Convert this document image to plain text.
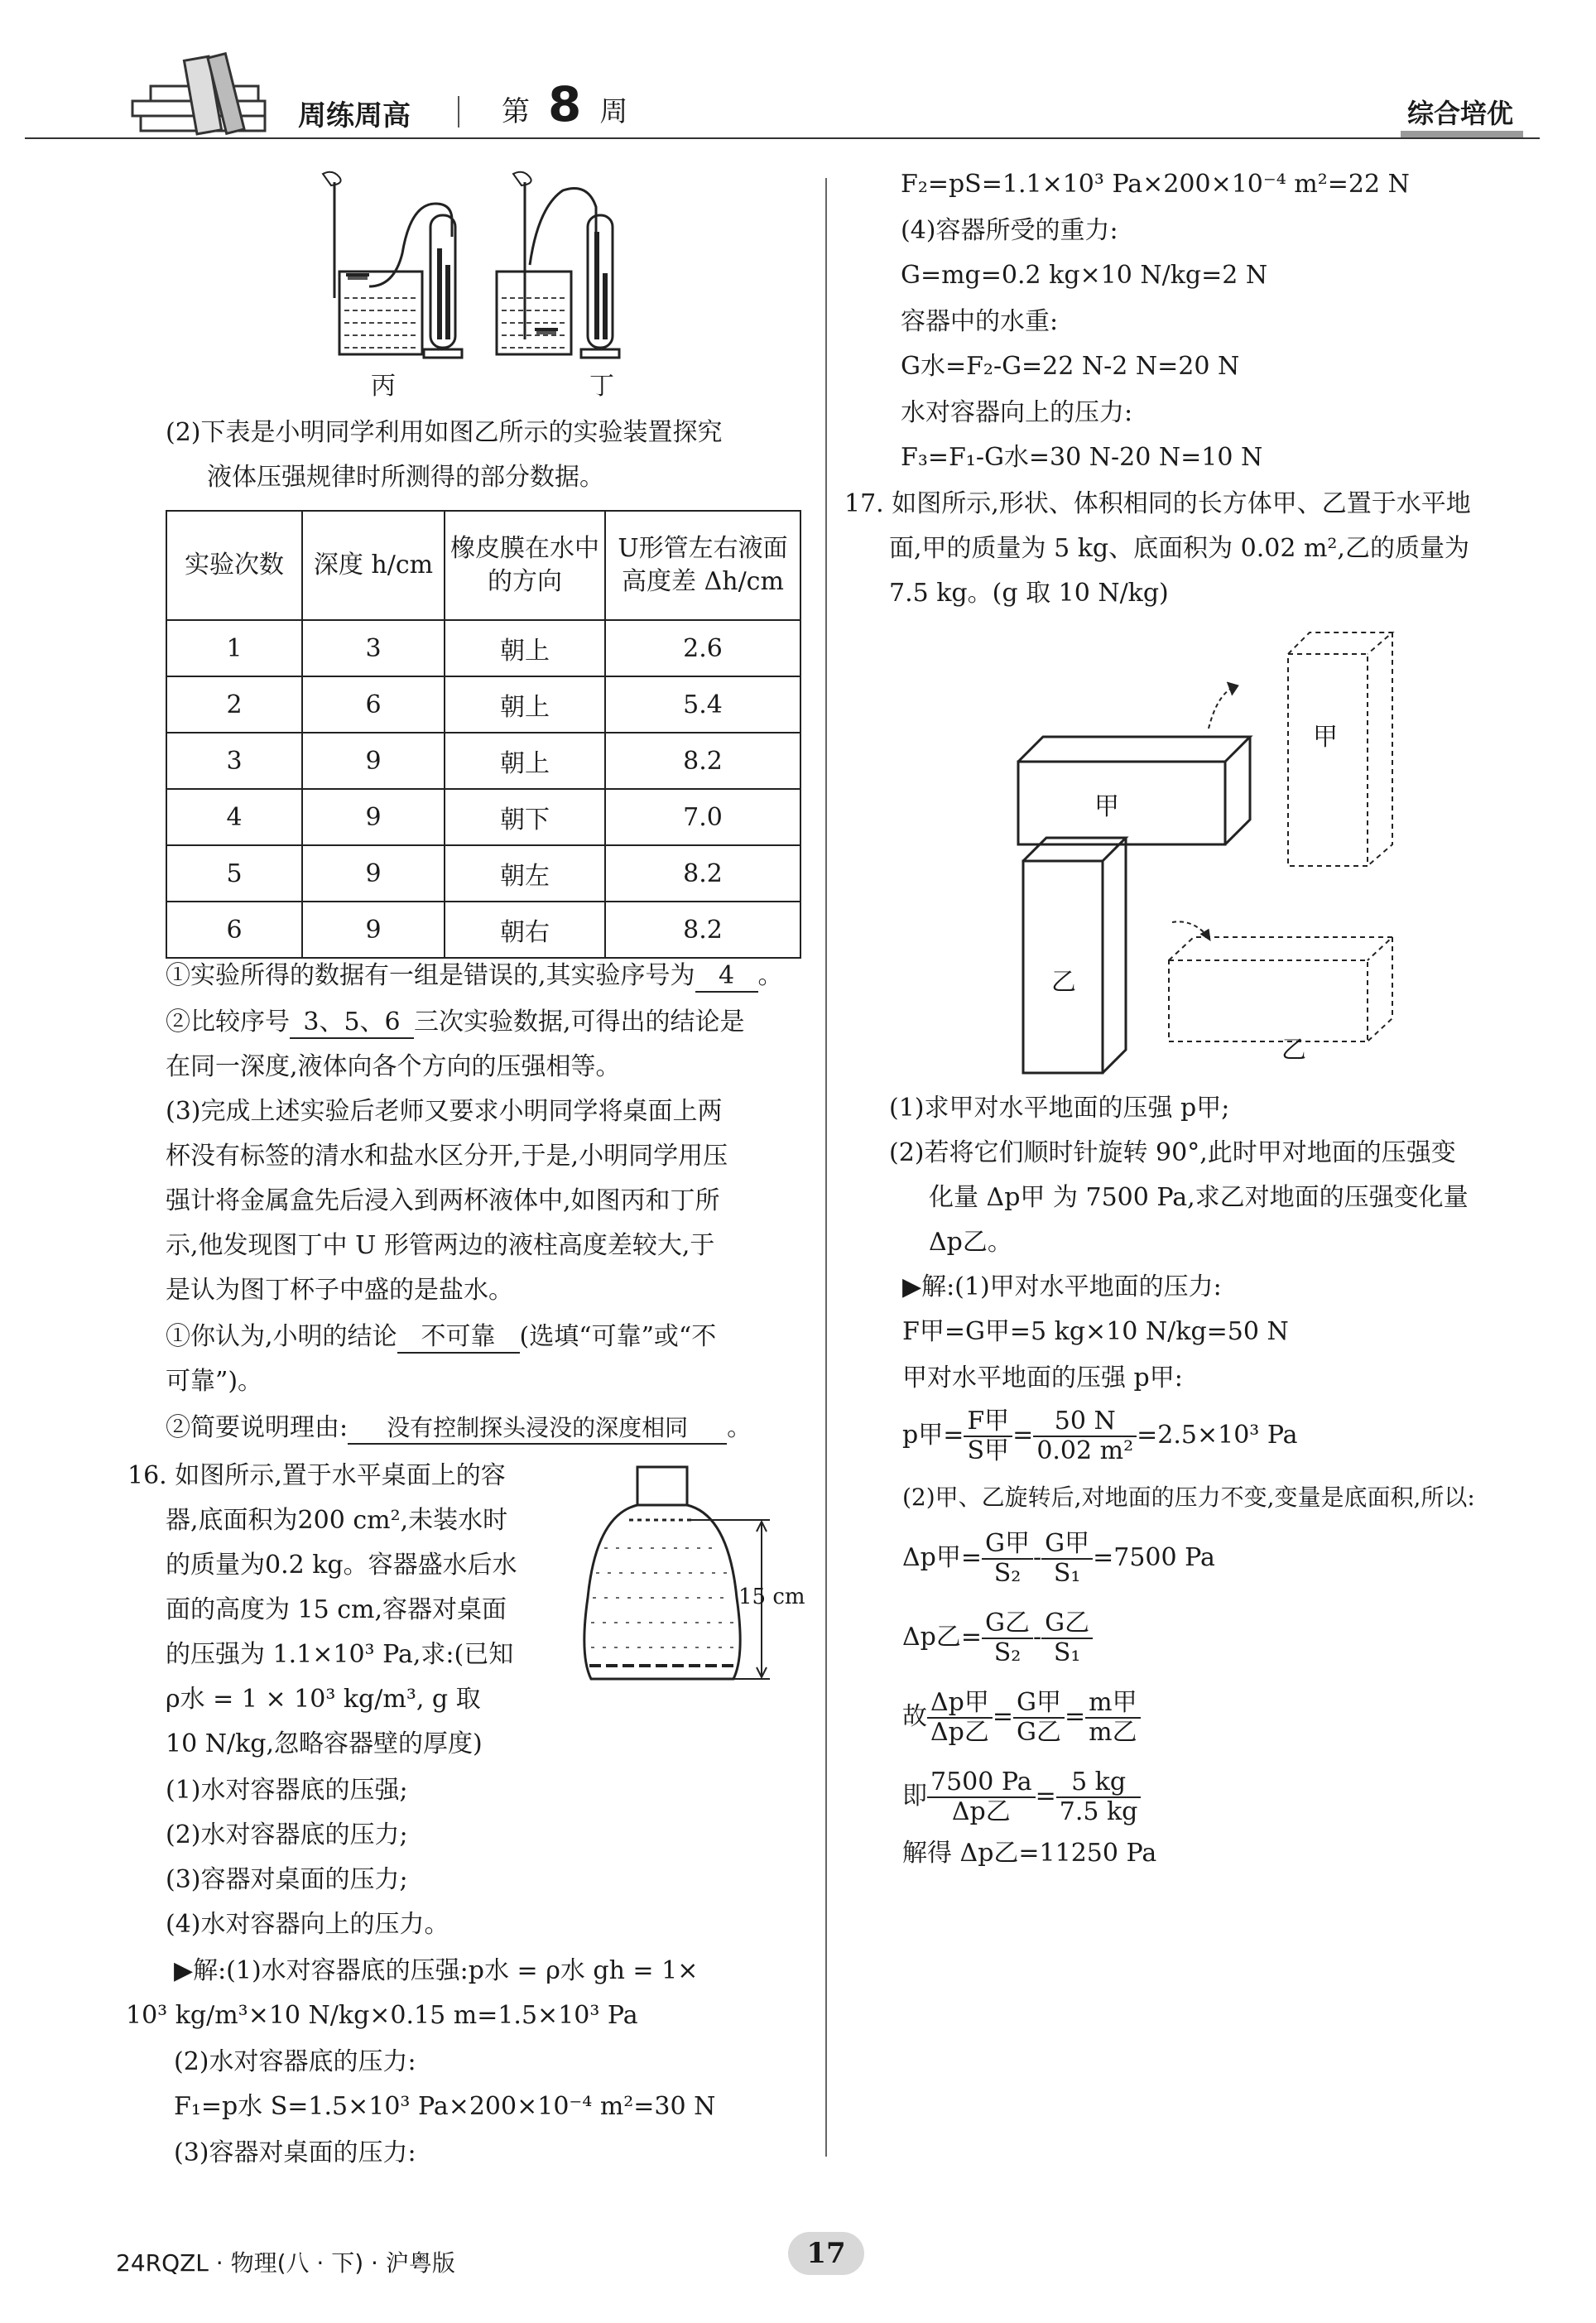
周练周高	第 8 周	综合培优
丙	丁
(2)下表是小明同学利用如图乙所示的实验装置探究
液体压强规律时所测得的部分数据。
实验次数	深度 h/cm	橡皮膜在水中的方向	U形管左右液面高度差 Δh/cm
1	3	朝上	2.6
2	6	朝上	5.4
3	9	朝上	8.2
4	9	朝下	7.0
5	9	朝左	8.2
6	9	朝右	8.2
①实验所得的数据有一组是错误的,其实验序号为 4 。
②比较序号 3、5、6 三次实验数据,可得出的结论是
在同一深度,液体向各个方向的压强相等。
(3)完成上述实验后老师又要求小明同学将桌面上两
杯没有标签的清水和盐水区分开,于是,小明同学用压
强计将金属盒先后浸入到两杯液体中,如图丙和丁所
示,他发现图丁中 U 形管两边的液柱高度差较大,于
是认为图丁杯子中盛的是盐水。
①你认为,小明的结论 不可靠 (选填“可靠”或“不
可靠”)。
②简要说明理由: 没有控制探头浸没的深度相同 。
16. 如图所示,置于水平桌面上的容
器,底面积为200 cm²,未装水时
的质量为0.2 kg。容器盛水后水
面的高度为 15 cm,容器对桌面
的压强为 1.1×10³ Pa,求:(已知
ρ水 = 1 × 10³ kg/m³, g 取
10 N/kg,忽略容器壁的厚度)
15 cm
(1)水对容器底的压强;
(2)水对容器底的压力;
(3)容器对桌面的压力;
(4)水对容器向上的压力。
▶解:(1)水对容器底的压强:p水 = ρ水 gh = 1×
10³ kg/m³×10 N/kg×0.15 m=1.5×10³ Pa
(2)水对容器底的压力:
F₁=p水 S=1.5×10³ Pa×200×10⁻⁴ m²=30 N
(3)容器对桌面的压力:
F₂=pS=1.1×10³ Pa×200×10⁻⁴ m²=22 N
(4)容器所受的重力:
G=mg=0.2 kg×10 N/kg=2 N
容器中的水重:
G水=F₂-G=22 N-2 N=20 N
水对容器向上的压力:
F₃=F₁-G水=30 N-20 N=10 N
17. 如图所示,形状、体积相同的长方体甲、乙置于水平地
面,甲的质量为 5 kg、底面积为 0.02 m²,乙的质量为
7.5 kg。(g 取 10 N/kg)
甲
甲
乙
乙
(1)求甲对水平地面的压强 p甲;
(2)若将它们顺时针旋转 90°,此时甲对地面的压强变
化量 Δp甲 为 7500 Pa,求乙对地面的压强变化量
Δp乙。
▶解:(1)甲对水平地面的压力:
F甲=G甲=5 kg×10 N/kg=50 N
甲对水平地面的压强 p甲:
p甲= $\frac{\text{F甲}}{\text{S甲}} = \frac{50 N}{\text{0.02 m²}} =2.5\times 10^3$ Pa
(2)甲、乙旋转后,对地面的压力不变,变量是底面积,所以:
Δp甲= $\frac{\text{G甲}}{\text{S₂}} - \frac{\text{G甲}}{\text{S₁}} =7500$ Pa
Δp乙= $\frac{\text{G乙}}{\text{S₂}} - \frac{\text{G乙}}{\text{S₁}}$
故 $\frac{\text{Δp甲}}{\text{Δp乙}} = \frac{\text{G甲}}{\text{G乙}} = \frac{\text{m甲}}{\text{m乙}}$
即 $\frac{7500 Pa}{\text{Δp乙}} = \frac{5 kg}{7.5 kg}$
解得 Δp乙=11250 Pa
24RQZL · 物理(八 · 下) · 沪粤版	17
